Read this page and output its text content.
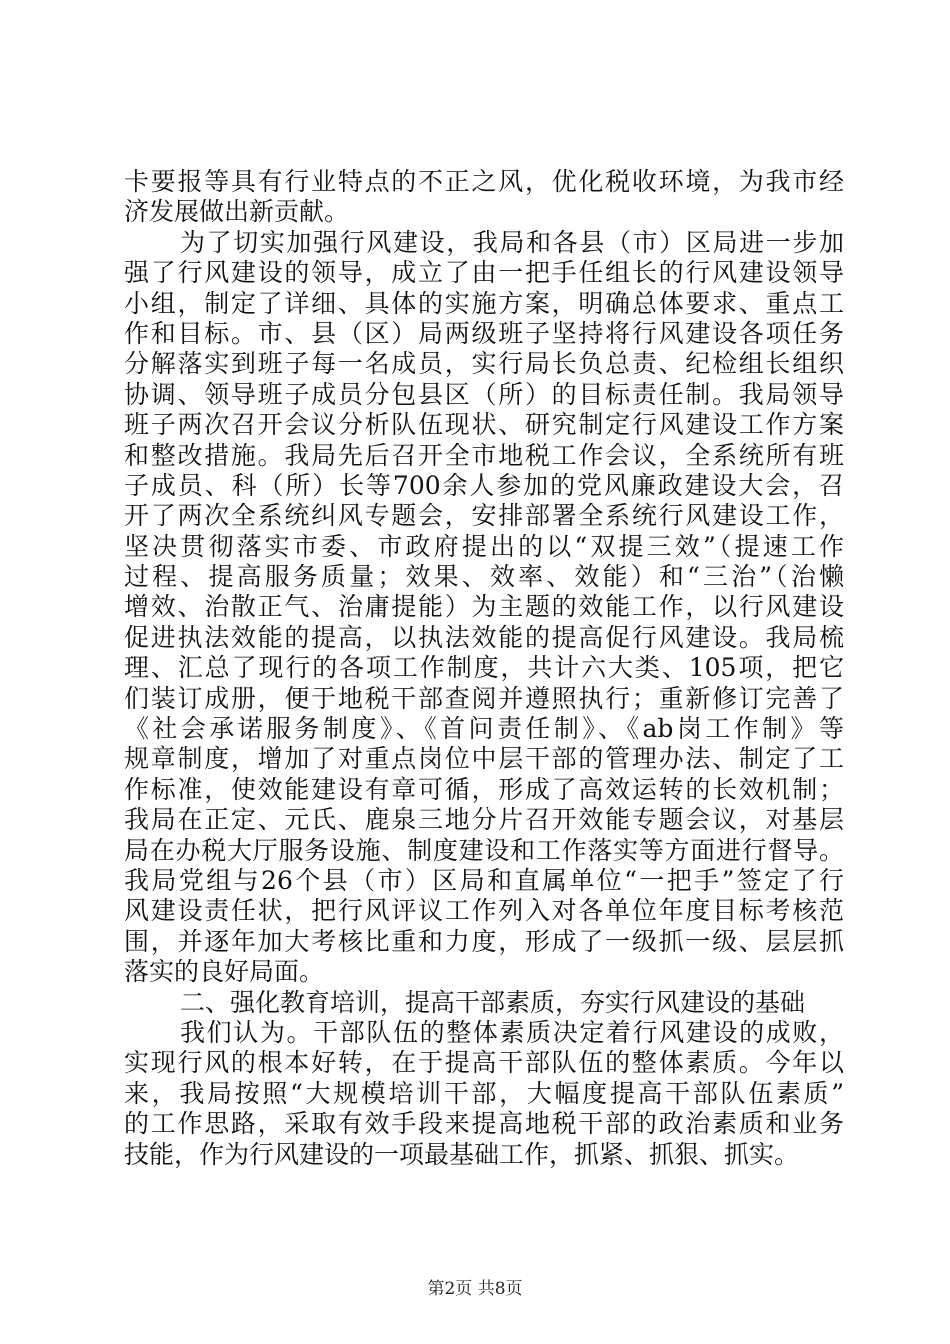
卡要报等具有行业特点的不正之风，优化税收环境，为我市经
济发展做出新贡献。
为了切实加强行风建设，我局和各县（市）区局进一步加
强了行风建设的领导，成立了由一把手任组长的行风建设领导
小组，制定了详细、具体的实施方案，明确总体要求、重点工
作和目标。市、县（区）局两级班子坚持将行风建设各项任务
分解落实到班子每一名成员，实行局长负总责、纪检组长组织
协调、领导班子成员分包县区（所）的目标责任制。我局领导
班子两次召开会议分析队伍现状、研究制定行风建设工作方案
和整改措施。我局先后召开全市地税工作会议，全系统所有班
子成员、科（所）长等700余人参加的党风廉政建设大会，召
开了两次全系统纠风专题会，安排部署全系统行风建设工作，
坚决贯彻落实市委、市政府提出的以“双提三效”（提速工作
过程、提高服务质量；效果、效率、效能）和“三治”（治懒
增效、治散正气、治庸提能）为主题的效能工作，以行风建设
促进执法效能的提高，以执法效能的提高促行风建设。我局梳
理、汇总了现行的各项工作制度，共计六大类、105项，把它
们装订成册，便于地税干部查阅并遵照执行；重新修订完善了
《社会承诺服务制度》、《首问责任制》、《ab岗工作制》等
规章制度，增加了对重点岗位中层干部的管理办法、制定了工
作标准，使效能建设有章可循，形成了高效运转的长效机制；
我局在正定、元氏、鹿泉三地分片召开效能专题会议，对基层
局在办税大厅服务设施、制度建设和工作落实等方面进行督导。
我局党组与26个县（市）区局和直属单位“一把手”签定了行
风建设责任状，把行风评议工作列入对各单位年度目标考核范
围，并逐年加大考核比重和力度，形成了一级抓一级、层层抓
落实的良好局面。
二、强化教育培训，提高干部素质，夯实行风建设的基础
我们认为。干部队伍的整体素质决定着行风建设的成败，
实现行风的根本好转，在于提高干部队伍的整体素质。今年以
来，我局按照“大规模培训干部，大幅度提高干部队伍素质”
的工作思路，采取有效手段来提高地税干部的政治素质和业务
技能，作为行风建设的一项最基础工作，抓紧、抓狠、抓实。
第2页 共8页
